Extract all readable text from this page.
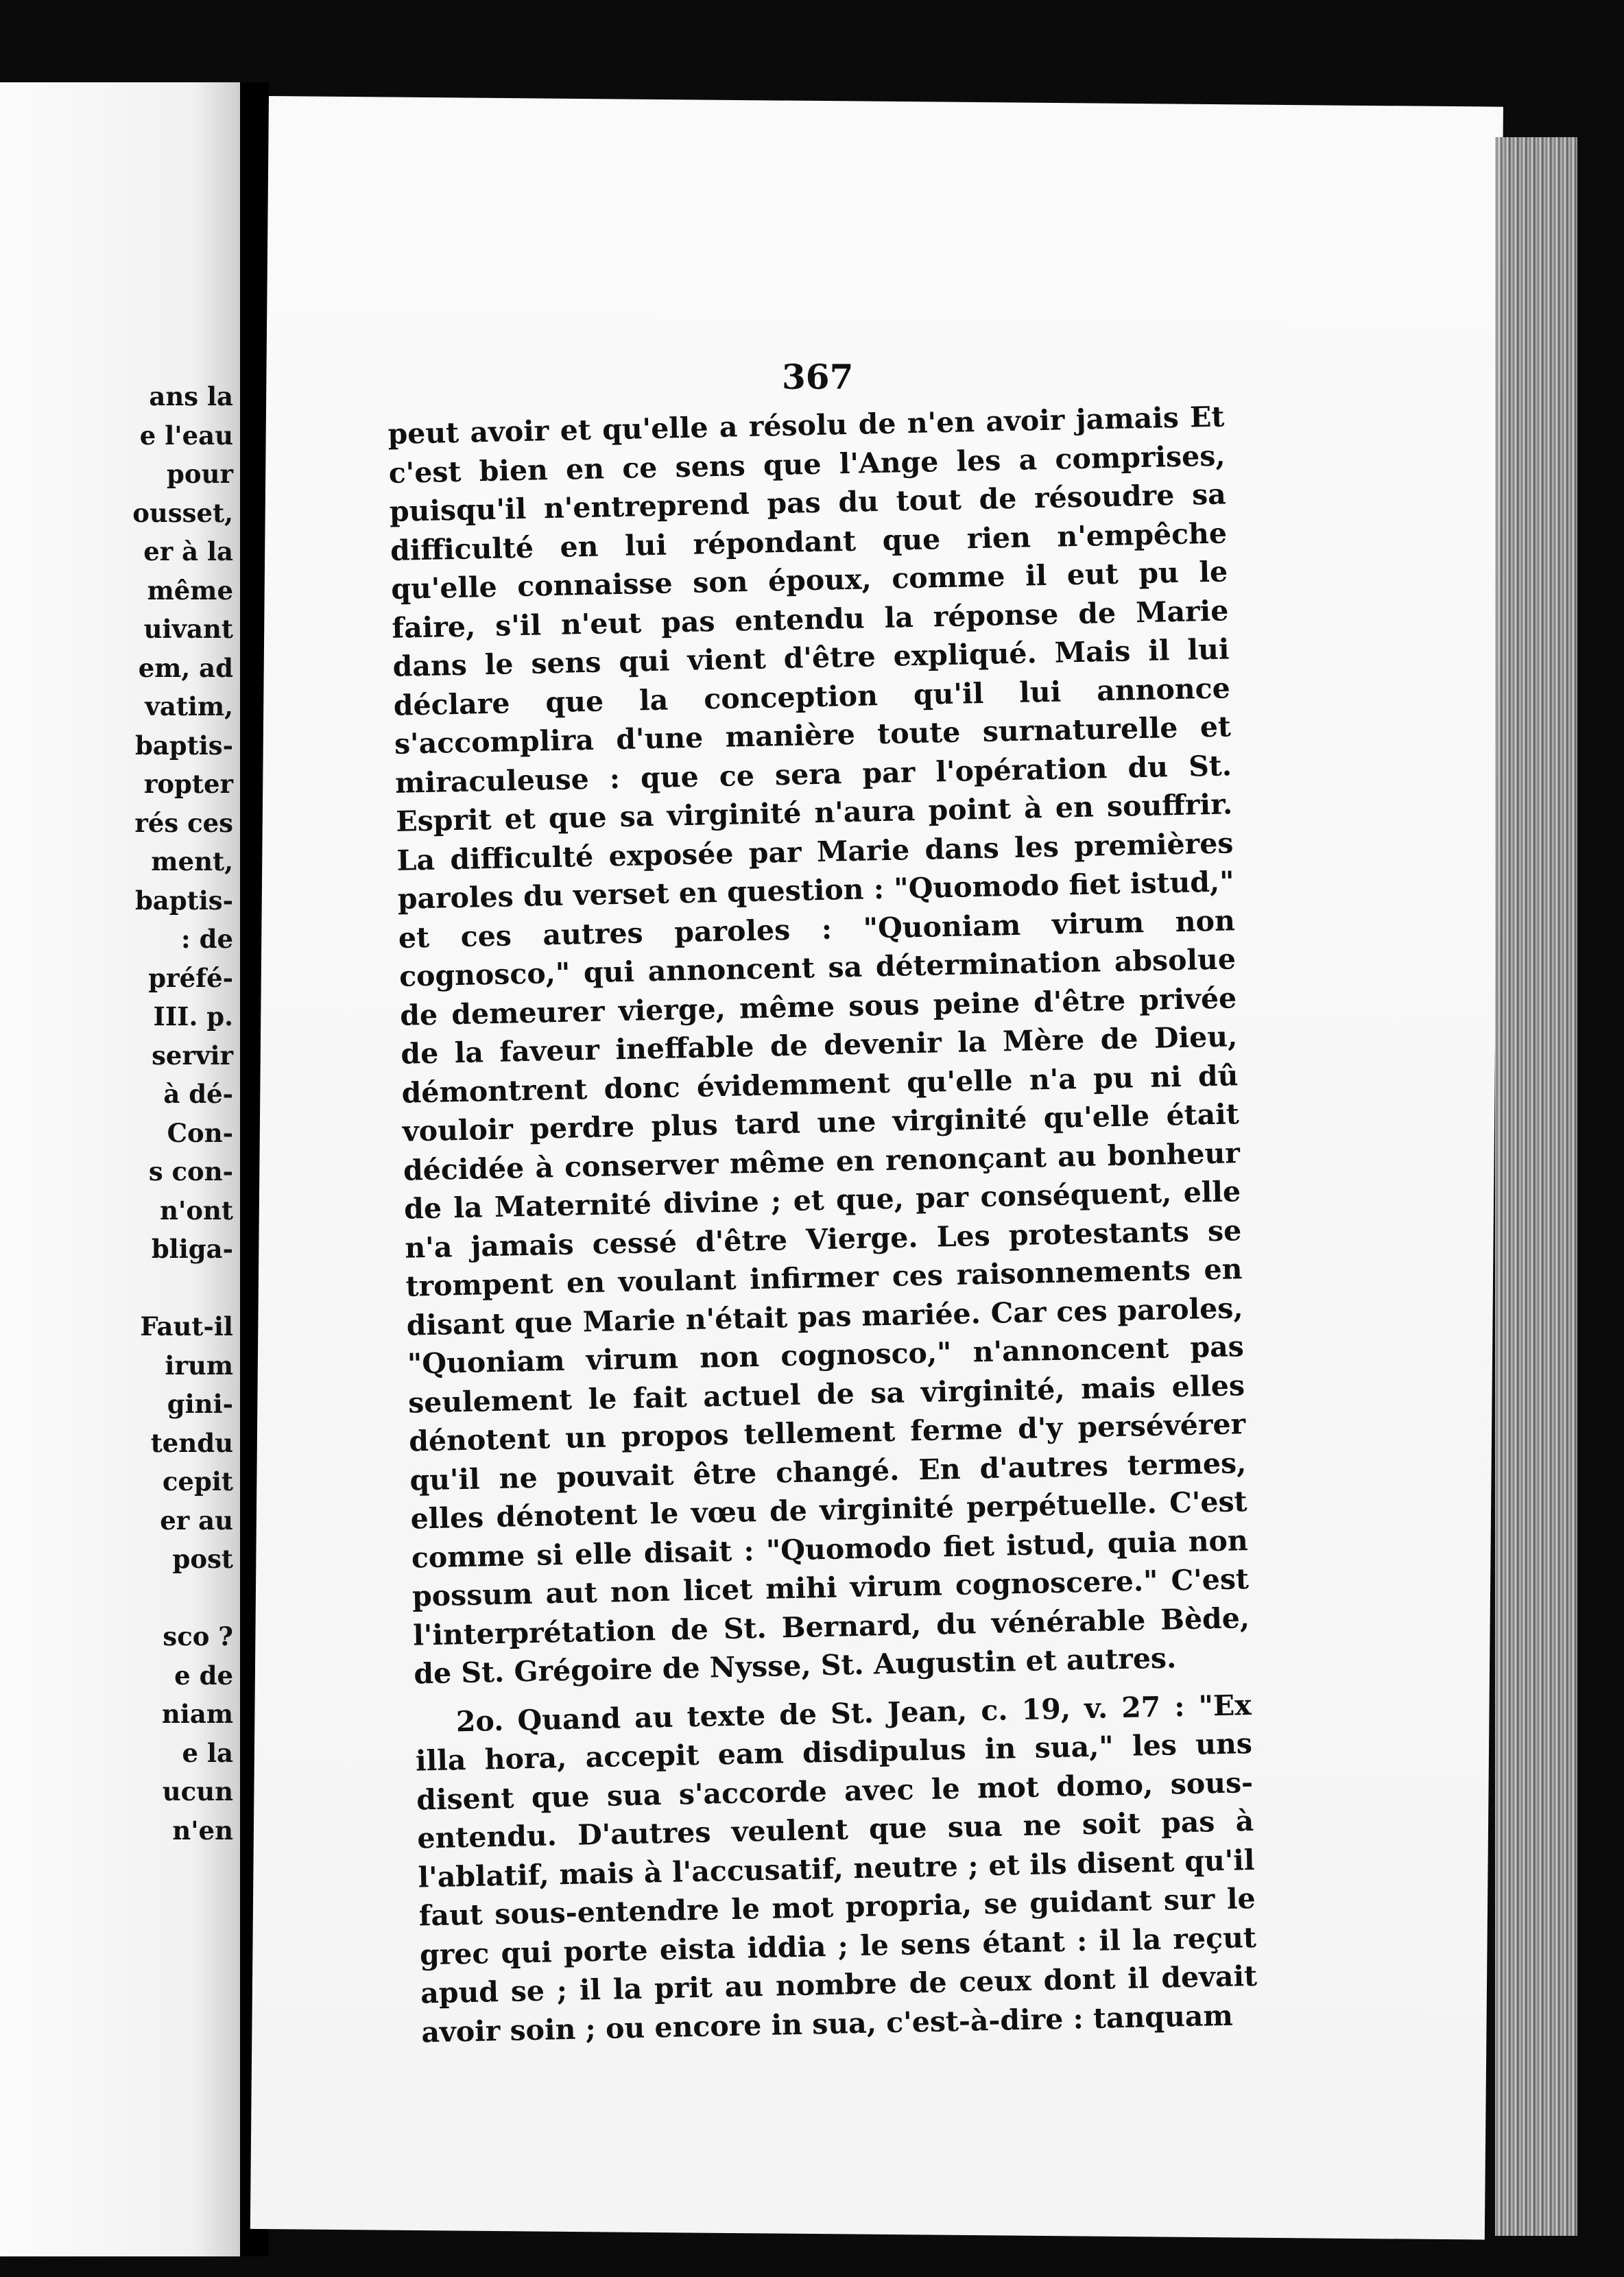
ans la
e l'eau
pour
ousset,
er à la
même
uivant
em, ad
vatim,
baptis-
ropter
rés ces
ment,
baptis-
: de
préfé-
III. p.
servir
à dé-
Con-
s con-
n'ont
bliga-

Faut-il
irum
gini-
tendu
cepit
er au
post

sco ?
e de
niam
e la
ucun
n'en
367

peut avoir et qu'elle a résolu de n'en avoir jamais Et c'est bien en ce sens que l'Ange les a comprises, puisqu'il n'entreprend pas du tout de résoudre sa difficulté en lui répondant que rien n'empêche qu'elle connaisse son époux, comme il eut pu le faire, s'il n'eut pas entendu la réponse de Marie dans le sens qui vient d'être expliqué. Mais il lui déclare que la conception qu'il lui annonce s'accomplira d'une manière toute surnaturelle et miraculeuse : que ce sera par l'opération du St. Esprit et que sa virginité n'aura point à en souffrir. La difficulté exposée par Marie dans les premières paroles du verset en question : "Quomodo fiet istud," et ces autres paroles : "Quoniam virum non cognosco," qui annoncent sa détermination absolue de demeurer vierge, même sous peine d'être privée de la faveur ineffable de devenir la Mère de Dieu, démontrent donc évidemment qu'elle n'a pu ni dû vouloir perdre plus tard une virginité qu'elle était décidée à conserver même en renonçant au bonheur de la Maternité divine ; et que, par conséquent, elle n'a jamais cessé d'être Vierge. Les protestants se trompent en voulant infirmer ces raisonnements en disant que Marie n'était pas mariée. Car ces paroles, "Quoniam virum non cognosco," n'annoncent pas seulement le fait actuel de sa virginité, mais elles dénotent un propos tellement ferme d'y persévérer qu'il ne pouvait être changé. En d'autres termes, elles dénotent le vœu de virginité perpétuelle. C'est comme si elle disait : "Quomodo fiet istud, quia non possum aut non licet mihi virum cognoscere." C'est l'interprétation de St. Bernard, du vénérable Bède, de St. Grégoire de Nysse, St. Augustin et autres.

2o. Quand au texte de St. Jean, c. 19, v. 27 : "Ex illa hora, accepit eam disdipulus in sua," les uns disent que sua s'accorde avec le mot domo, sous-entendu. D'autres veulent que sua ne soit pas à l'ablatif, mais à l'accusatif, neutre ; et ils disent qu'il faut sous-entendre le mot propria, se guidant sur le grec qui porte eista iddia ; le sens étant : il la reçut apud se ; il la prit au nombre de ceux dont il devait avoir soin ; ou encore in sua, c'est-à-dire : tanquam
